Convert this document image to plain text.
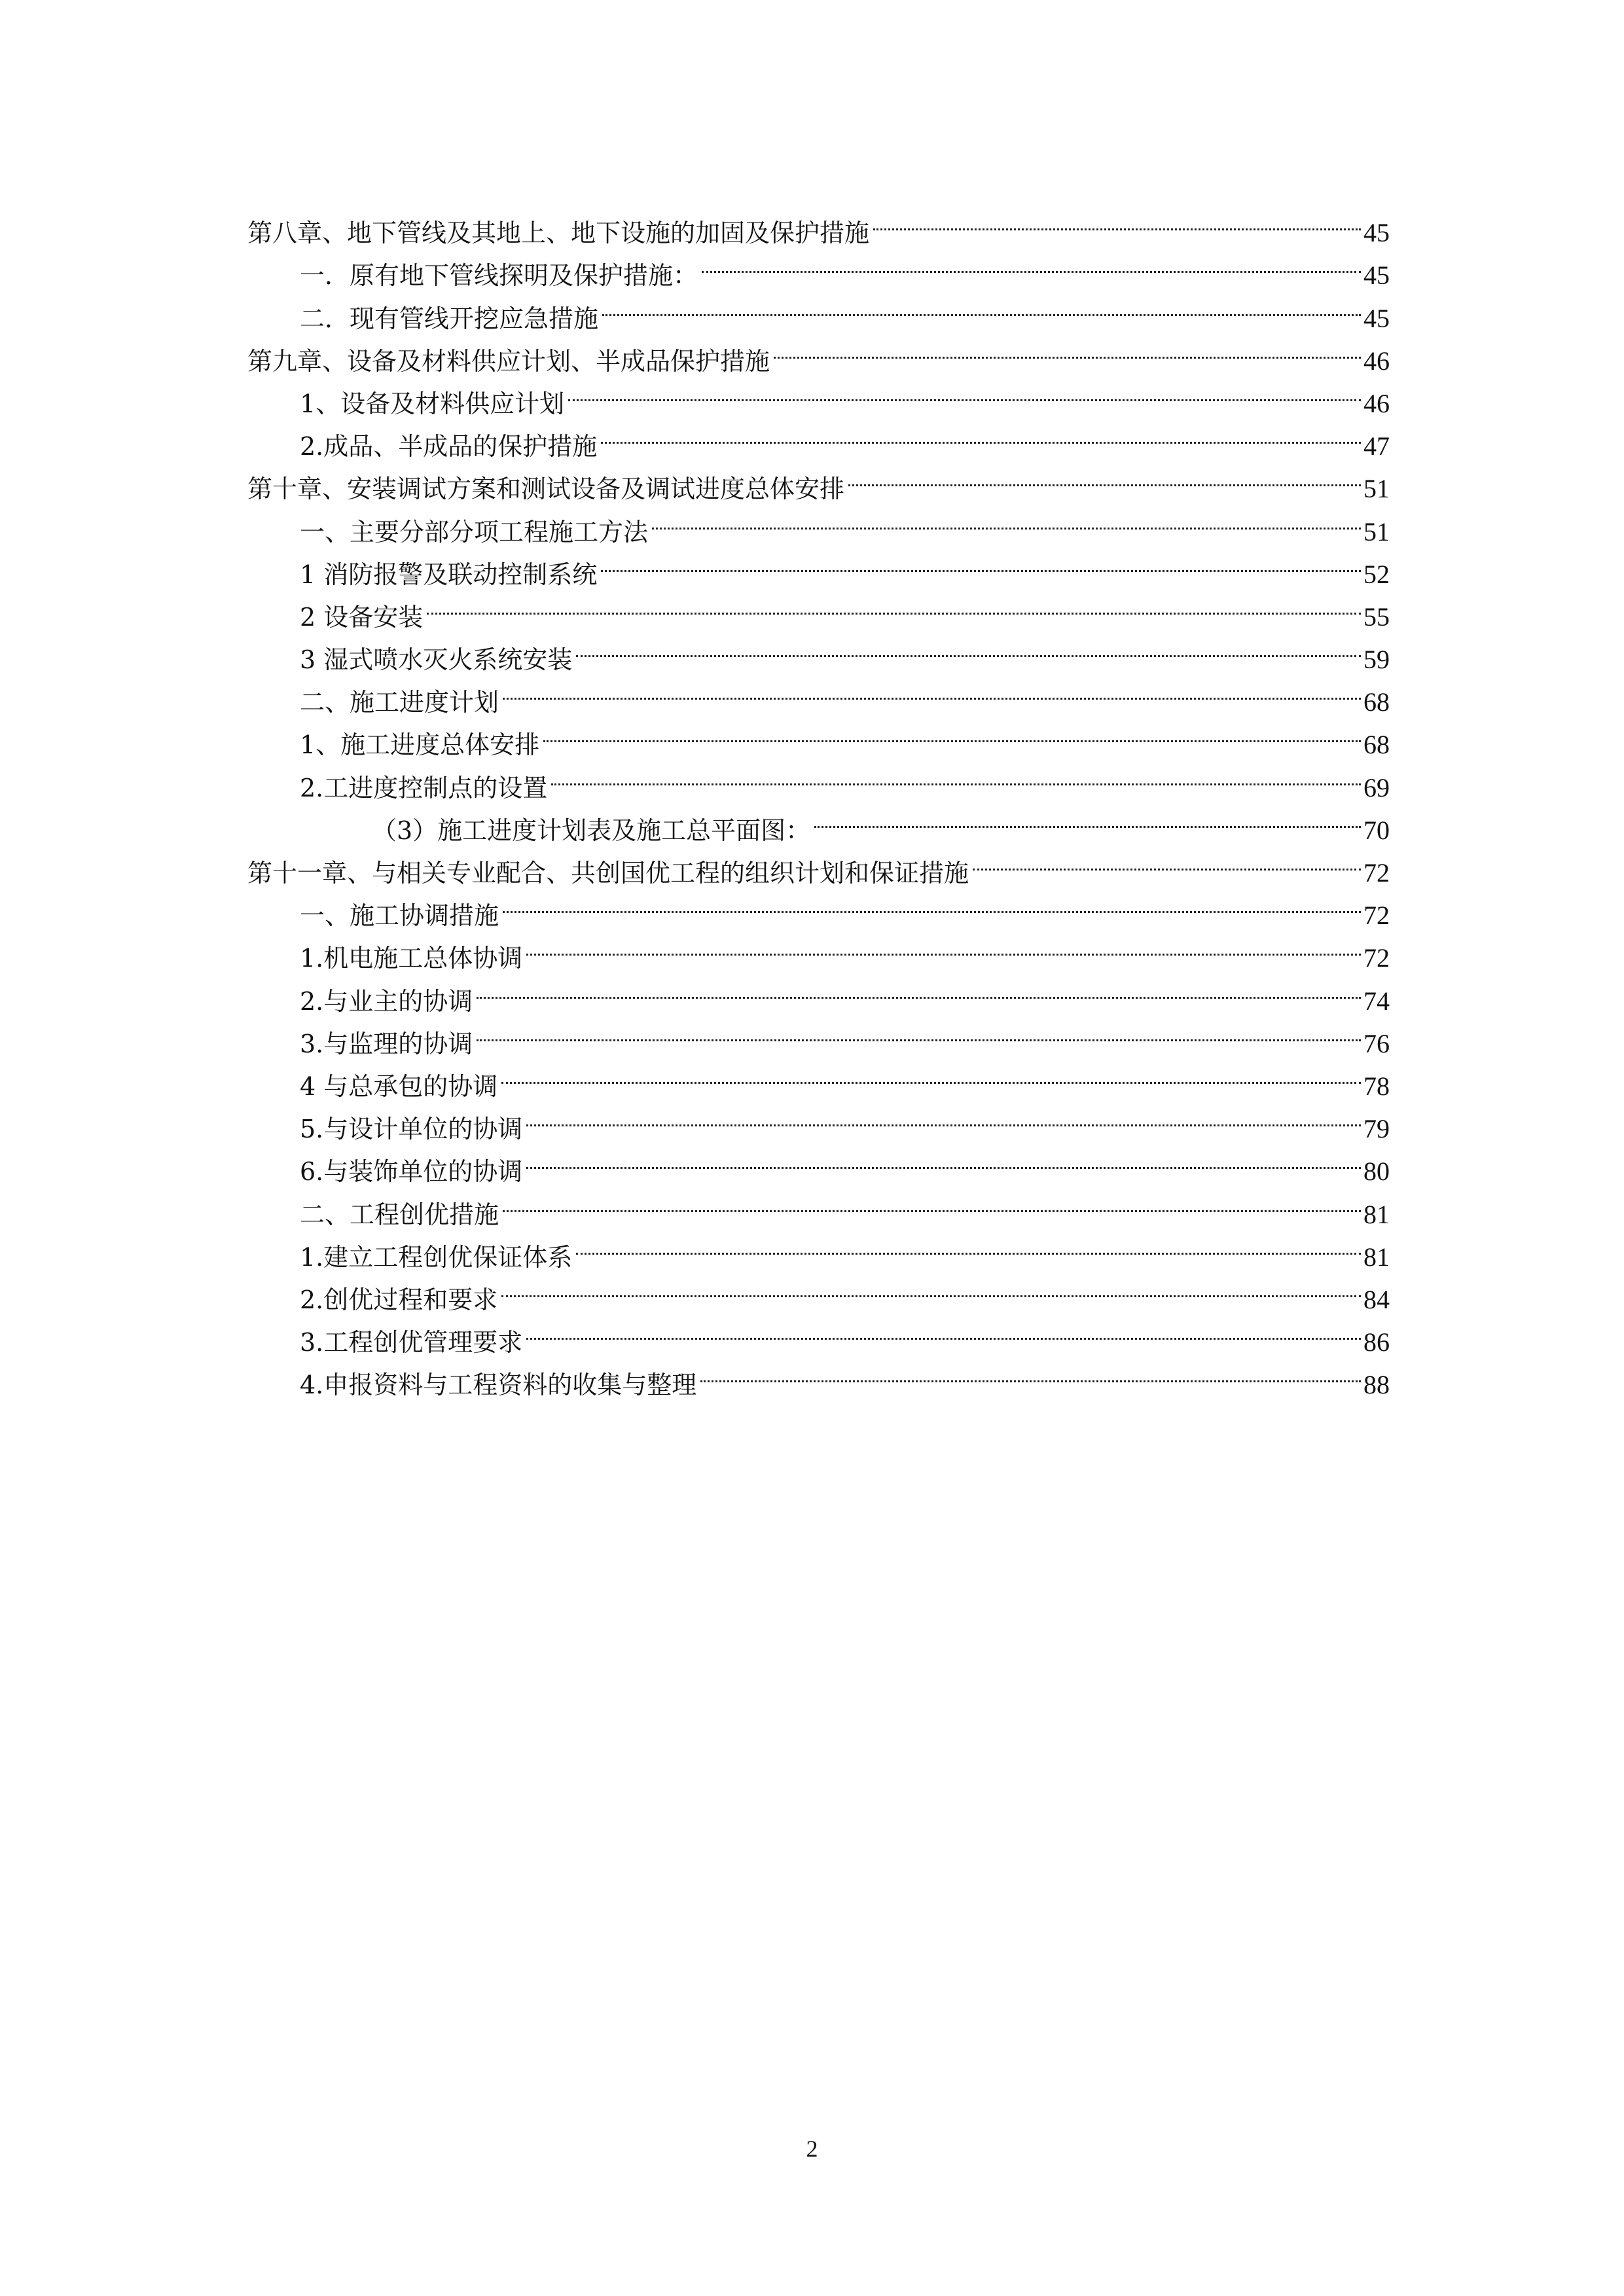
第八章、地下管线及其地上、地下设施的加固及保护措施	45
一．原有地下管线探明及保护措施：	45
二．现有管线开挖应急措施	45
第九章、设备及材料供应计划、半成品保护措施	46
1、设备及材料供应计划	46
2.成品、半成品的保护措施	47
第十章、安装调试方案和测试设备及调试进度总体安排	51
一、主要分部分项工程施工方法	51
1 消防报警及联动控制系统	52
2 设备安装	55
3 湿式喷水灭火系统安装	59
二、施工进度计划	68
1、施工进度总体安排	68
2.工进度控制点的设置	69
（3）施工进度计划表及施工总平面图：	70
第十一章、与相关专业配合、共创国优工程的组织计划和保证措施	72
一、施工协调措施	72
1.机电施工总体协调	72
2.与业主的协调	74
3.与监理的协调	76
4 与总承包的协调	78
5.与设计单位的协调	79
6.与装饰单位的协调	80
二、工程创优措施	81
1.建立工程创优保证体系	81
2.创优过程和要求	84
3.工程创优管理要求	86
4.申报资料与工程资料的收集与整理	88
2
